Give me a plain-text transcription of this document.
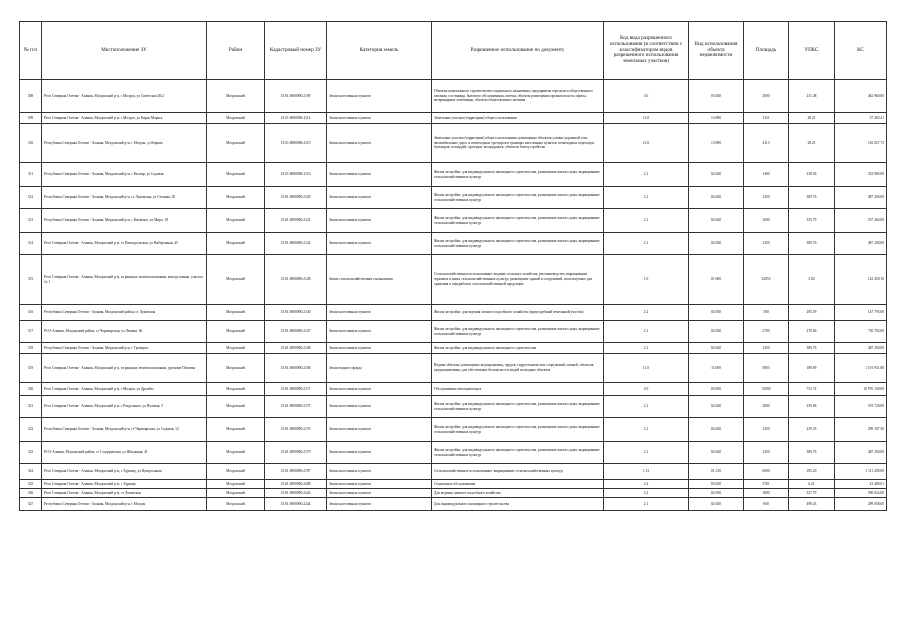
№ п/п	Местоположение ЗУ	Район	Кадастровый номер ЗУ	Категория земель	Разрешенное использование по документу	Код вида разрешенного использования (в соответствии с классификатором видов разрешенного использования земельных участков)	Вид использования объекта недвижимости	Площадь	УПКС	КС
308	Респ Северная Осетия - Алания, Моздокский р-н, г Моздок, ул Советская 26/2	Моздокский	15:01:0000000:2109	Земли населенных пунктов	Объекты капитального строительства социального назначения, предприятия торговли и общественного питания, гостиницы, бытового обслуживания, аптеки, объекты размещения органов власти, офисы, ветеринарные лечебницы, объекты общественного питания	3.6	03:040	2000	231.48	462 960.00
309	Респ Северная Осетия - Алания, Моздокский р-н, г Моздок, ул Карла Маркса	Моздокский	15:01:0000000:2114	Земли населенных пунктов	Земельные участки (территории) общего пользования	12.0	13:090	1321	28.21	37 265.41
310	Республика Северная Осетия - Алания, Моздокский р-н, г Моздок, ул Кирова	Моздокский	15:01:0000000:2119	Земли населенных пунктов	Земельные участки (территории) общего пользования: размещение объектов улично-дорожной сети, автомобильных дорог и пешеходных тротуаров в границах населенных пунктов, пешеходных переходов, бульваров, площадей, проездов, велодорожек, объектов благоустройства	12.0	13:090	4113	28.21	116 027.73
311	Республика Северная Осетия - Алания, Моздокский р-н, с Кизляр, ул Садовая	Моздокский	15:01:0000000:2116	Земли населенных пунктов	Жилая застройка: для индивидуального жилищного строительства, размещение жилого дома, выращивание сельскохозяйственных культур	2.1	02:020	1400	238.56	333 984.00
312	Республика Северная Осетия - Алания, Моздокский р-н, ст Луковская, ул Степная, 30	Моздокский	15:01:0000000:2120	Земли населенных пунктов	Жилая застройка: для индивидуального жилищного строительства, размещение жилого дома, выращивание сельскохозяйственных культур	2.1	02:020	1250	389.76	487 200.00
313	Республика Северная Осетия - Алания, Моздокский р-н, с Киевское, ул Мира, 18	Моздокский	15:01:0000000:2122	Земли населенных пунктов	Жилая застройка: для индивидуального жилищного строительства, размещение жилого дома, выращивание сельскохозяйственных культур	2.1	02:020	1600	335.79	537 264.00
314	Респ Северная Осетия - Алания, Моздокский р-н, ст Павлодольская, ул Набережная, 45	Моздокский	15:01:0000000:2124	Земли населенных пунктов	Жилая застройка: для индивидуального жилищного строительства, размещение жилого дома, выращивание сельскохозяйственных культур	2.1	02:020	1250	389.76	487 200.00
315	Респ Северная Осетия - Алания, Моздокский р-н, в границах землепользования, контур пашни, участок № 1	Моздокский	15:01:0000000:2128	Земли сельскохозяйственного назначения	Сельскохозяйственное использование: ведение сельского хозяйства, растениеводство, выращивание зерновых и иных сельскохозяйственных культур, размещение зданий и сооружений, используемых для хранения и переработки сельскохозяйственной продукции	1.0	01:000	32055	3.82	122 450.10
316	Республика Северная Осетия - Алания, Моздокский район, ст Луковская	Моздокский	15:01:0000000:2140	Земли населенных пунктов	Жилая застройка: для ведения личного подсобного хозяйства (приусадебный земельный участок)	2.2	02:030	500	295.59	147 795.00
317	РСО-Алания, Моздокский район, ст Черноярская, ул Ленина, 66	Моздокский	15:01:0000000:2147	Земли населенных пунктов	Жилая застройка: для индивидуального жилищного строительства, размещение жилого дома, выращивание сельскохозяйственных культур	2.1	02:020	2700	270.66	730 782.00
318	Республика Северная Осетия - Алания, Моздокский р-н, с Троицкое	Моздокский	15:01:0000000:2148	Земли населенных пунктов	Жилая застройка: для индивидуального жилищного строительства	2.1	02:020	1250	389.76	487 200.00
319	Респ Северная Осетия - Алания, Моздокский р-н, в границах землепользования, урочище Поповка	Моздокский	15:01:0000000:2168	Земли водного фонда	Водные объекты: размещение водохранилищ, прудов, гидротехнических сооружений, пляжей, объектов, предназначенных для обеспечения безопасности людей на водных объектах	11.0	11:000	5803	189.89	1 101 931.88
320	Респ Северная Осетия - Алания, Моздокский р-н, г Моздок, ул Дружбы	Моздокский	15:01:0000000:2171	Земли населенных пунктов	Обслуживание автотранспорта	4.9	05:050	15000	731.74	10 976 100.00
321	Респ Северная Осетия - Алания, Моздокский р-н, с Раздольное, ул Полевая, 5	Моздокский	15:01:0000000:2175	Земли населенных пунктов	Жилая застройка: для индивидуального жилищного строительства, размещение жилого дома, выращивание сельскохозяйственных культур	2.1	02:020	2000	259.86	519 720.00
322	Республика Северная Осетия - Алания, Моздокский р-н, ст Черноярская, ул Садовая, 12	Моздокский	15:01:0000000:2176	Земли населенных пунктов	Жилая застройка: для индивидуального жилищного строительства, размещение жилого дома, выращивание сельскохозяйственных культур	2.1	02:020	1250	239.35	299 187.50
323	РСО-Алания, Моздокский район, ст Стодеревская, ул Школьная, 41	Моздокский	15:01:0000000:2179	Земли населенных пунктов	Жилая застройка: для индивидуального жилищного строительства, размещение жилого дома, выращивание сельскохозяйственных культур	2.1	02:020	1250	389.76	487 200.00
324	Респ Северная Осетия - Алания, Моздокский р-н, с Хурикау, ул Центральная	Моздокский	15:01:0000000:2197	Земли населенных пунктов	Сельскохозяйственное использование: выращивание сельскохозяйственных культур	1.13	01:130	6000	185.20	1 111 200.00
325	Респ Северная Осетия - Алания, Моздокский р-н, с Хурикау	Моздокский	15:01:0000000:2208	Земли населенных пунктов	Социальное обслуживание	3.2	03:020	3781	6.21	23 480.01
326	Респ Северная Осетия - Алания, Моздокский р-н, ст Луковская	Моздокский	15:01:0000000:2226	Земли населенных пунктов	Для ведения личного подсобного хозяйства	2.2	02:030	1800	327.79	590 022.00
327	Республика Северная Осетия - Алания, Моздокский р-н, г Моздок	Моздокский	15:01:0000000:2244	Земли населенных пунктов	Для индивидуального жилищного строительства	2.1	02:020	600	498.43	299 058.00
